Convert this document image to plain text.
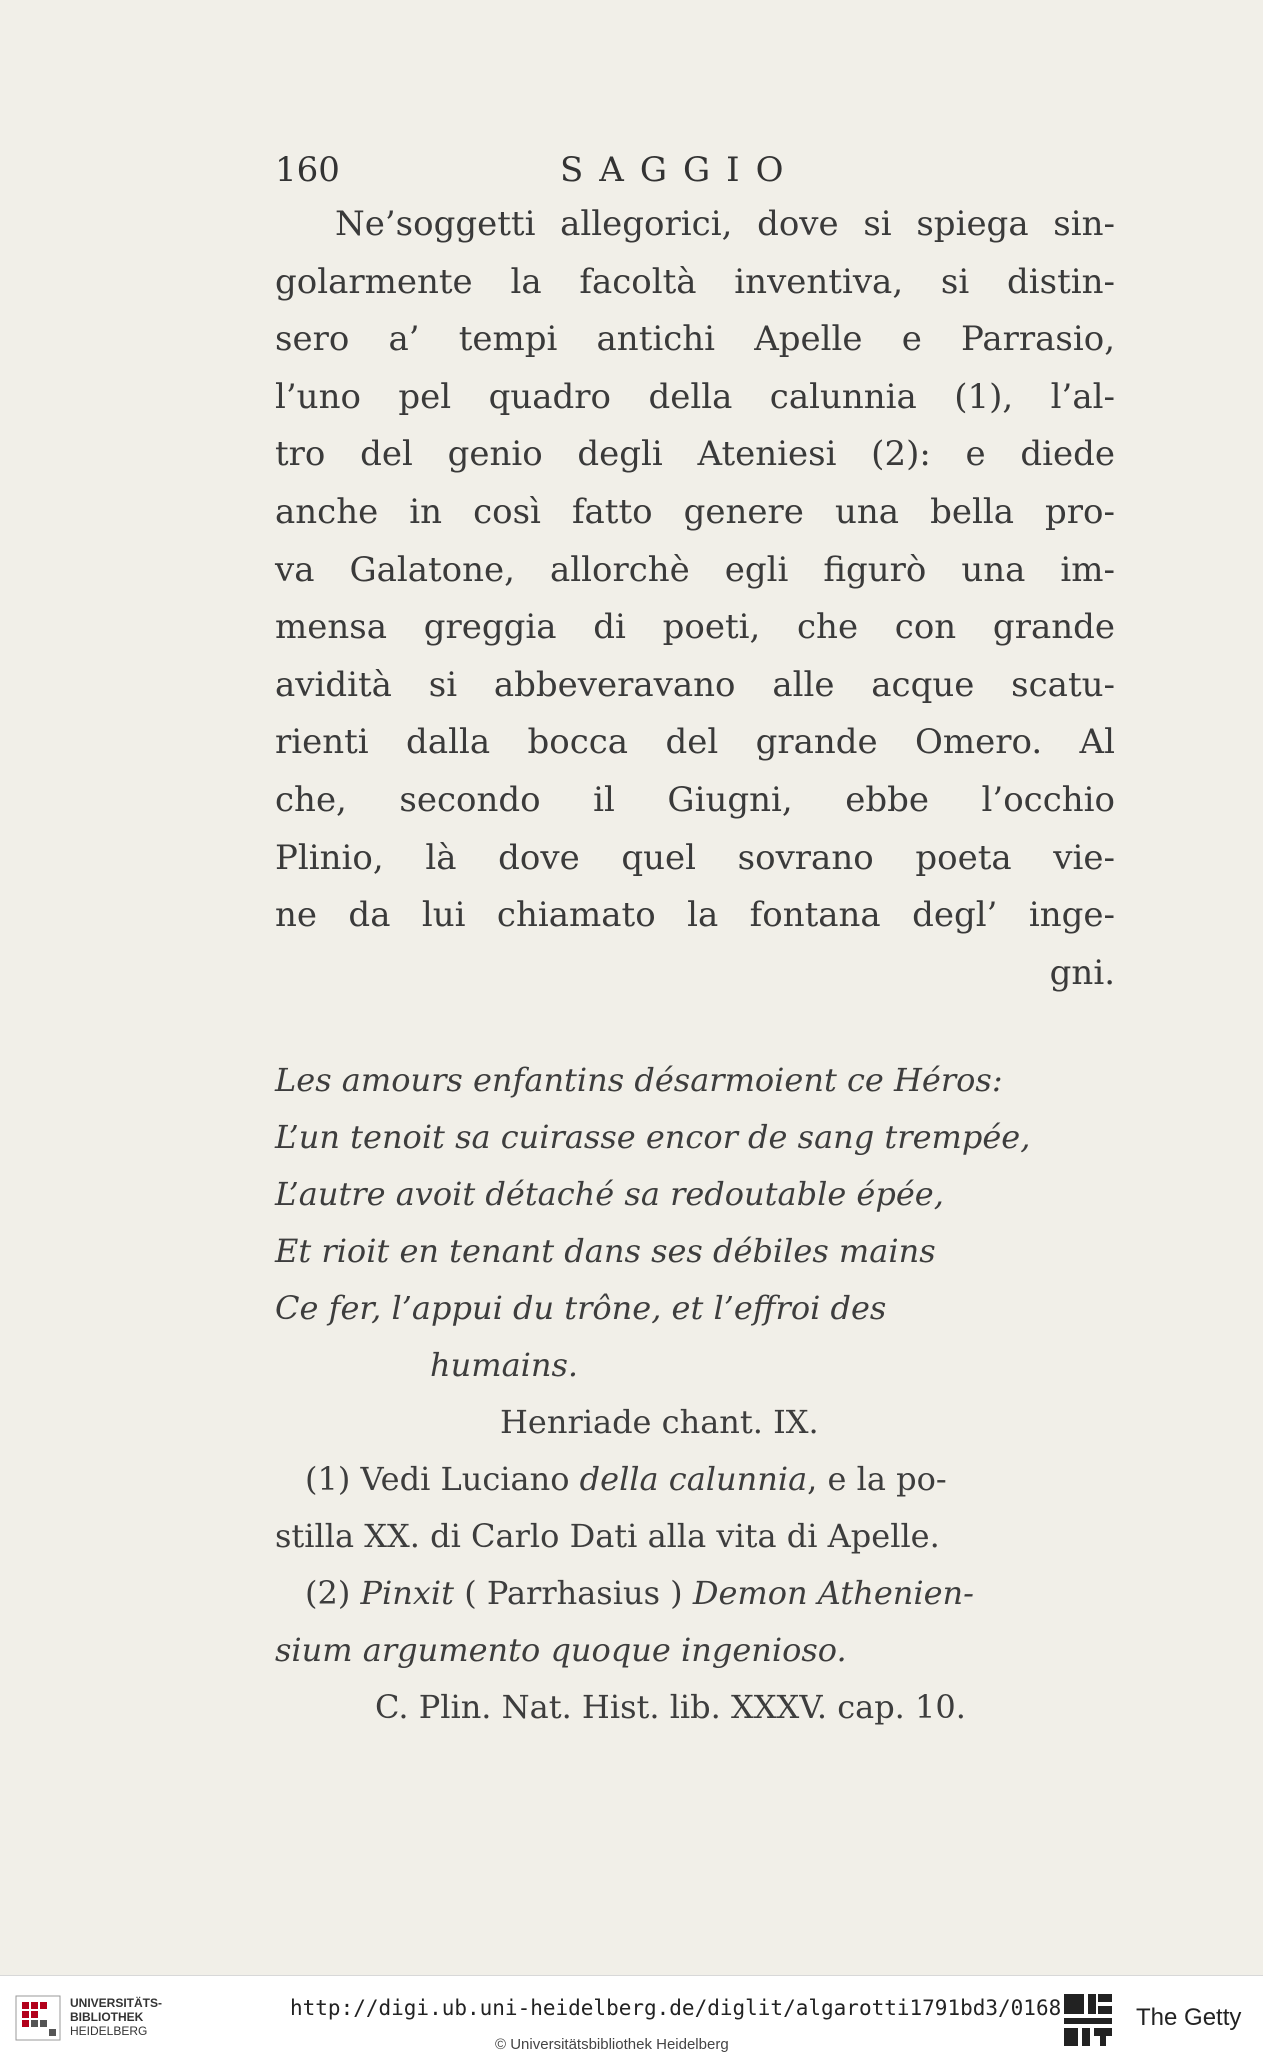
160	SAGGIO

Ne’soggetti allegorici, dove si spiega sin-
golarmente la facoltà inventiva, si distin-
sero a’ tempi antichi Apelle e Parrasio,
l’uno pel quadro della calunnia (1), l’al-
tro del genio degli Ateniesi (2): e diede
anche in così fatto genere una bella pro-
va Galatone, allorchè egli figurò una im-
mensa greggia di poeti, che con grande
avidità si abbeveravano alle acque scatu-
rienti dalla bocca del grande Omero. Al
che, secondo il Giugni, ebbe l’occhio
Plinio, là dove quel sovrano poeta vie-
ne da lui chiamato la fontana degl’ inge-

gni.
Les amours enfantins désarmoient ce Héros:
L’un tenoit sa cuirasse encor de sang trempée,
L’autre avoit détaché sa redoutable épée,
Et rioit en tenant dans ses débiles mains
Ce fer, l’appui du trône, et l’effroi des
humains.
Henriade chant. IX.
(1) Vedi Luciano della calunnia, e la po-
stilla XX. di Carlo Dati alla vita di Apelle.
(2) Pinxit ( Parrhasius ) Demon Athenien-
sium argumento quoque ingenioso.
C. Plin. Nat. Hist. lib. XXXV. cap. 10.
UNIVERSITÄTS-
BIBLIOTHEK
HEIDELBERG
http://digi.ub.uni-heidelberg.de/diglit/algarotti1791bd3/0168
© Universitätsbibliothek Heidelberg
The Getty
